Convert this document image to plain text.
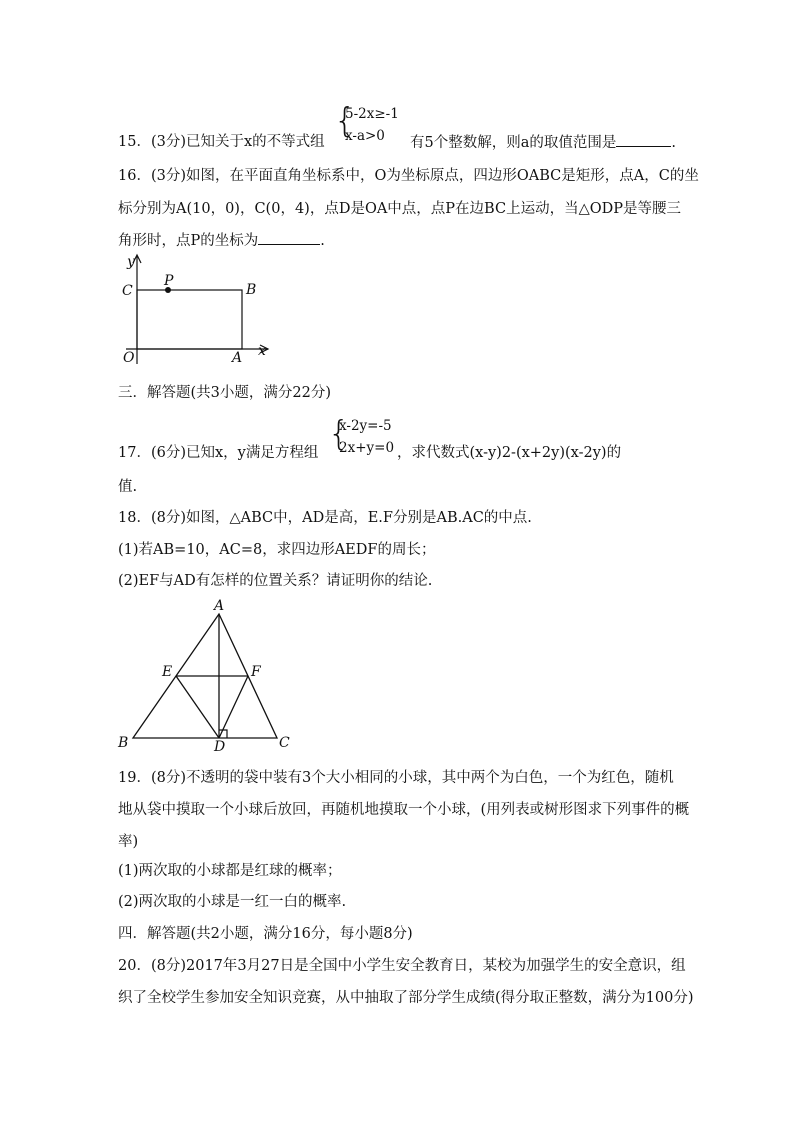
{
5-2x≥-1
x-a>0
15．(3分)已知关于x的不等式组	有5个整数解，则a的取值范围是	.
16．(3分)如图，在平面直角坐标系中，O为坐标原点，四边形OABC是矩形，点A，C的坐
标分别为A(10，0)，C(0，4)，点D是OA中点，点P在边BC上运动，当△ODP是等腰三
角形时，点P的坐标为	.
y
C
P
B
O	A x
三．解答题(共3小题，满分22分)
{
x-2y=-5
2x+y=0
17．(6分)已知x，y满足方程组	，求代数式(x-y)2-(x+2y)(x-2y)的
值.
18．(8分)如图，△ABC中，AD是高，E.F分别是AB.AC的中点.
(1)若AB=10，AC=8，求四边形AEDF的周长；
(2)EF与AD有怎样的位置关系？请证明你的结论.
A
E	F
B	D	C
19．(8分)不透明的袋中装有3个大小相同的小球，其中两个为白色，一个为红色，随机
地从袋中摸取一个小球后放回，再随机地摸取一个小球，(用列表或树形图求下列事件的概
率)
(1)两次取的小球都是红球的概率；
(2)两次取的小球是一红一白的概率.
四．解答题(共2小题，满分16分，每小题8分)
20．(8分)2017年3月27日是全国中小学生安全教育日，某校为加强学生的安全意识，组
织了全校学生参加安全知识竞赛，从中抽取了部分学生成绩(得分取正整数，满分为100分)
